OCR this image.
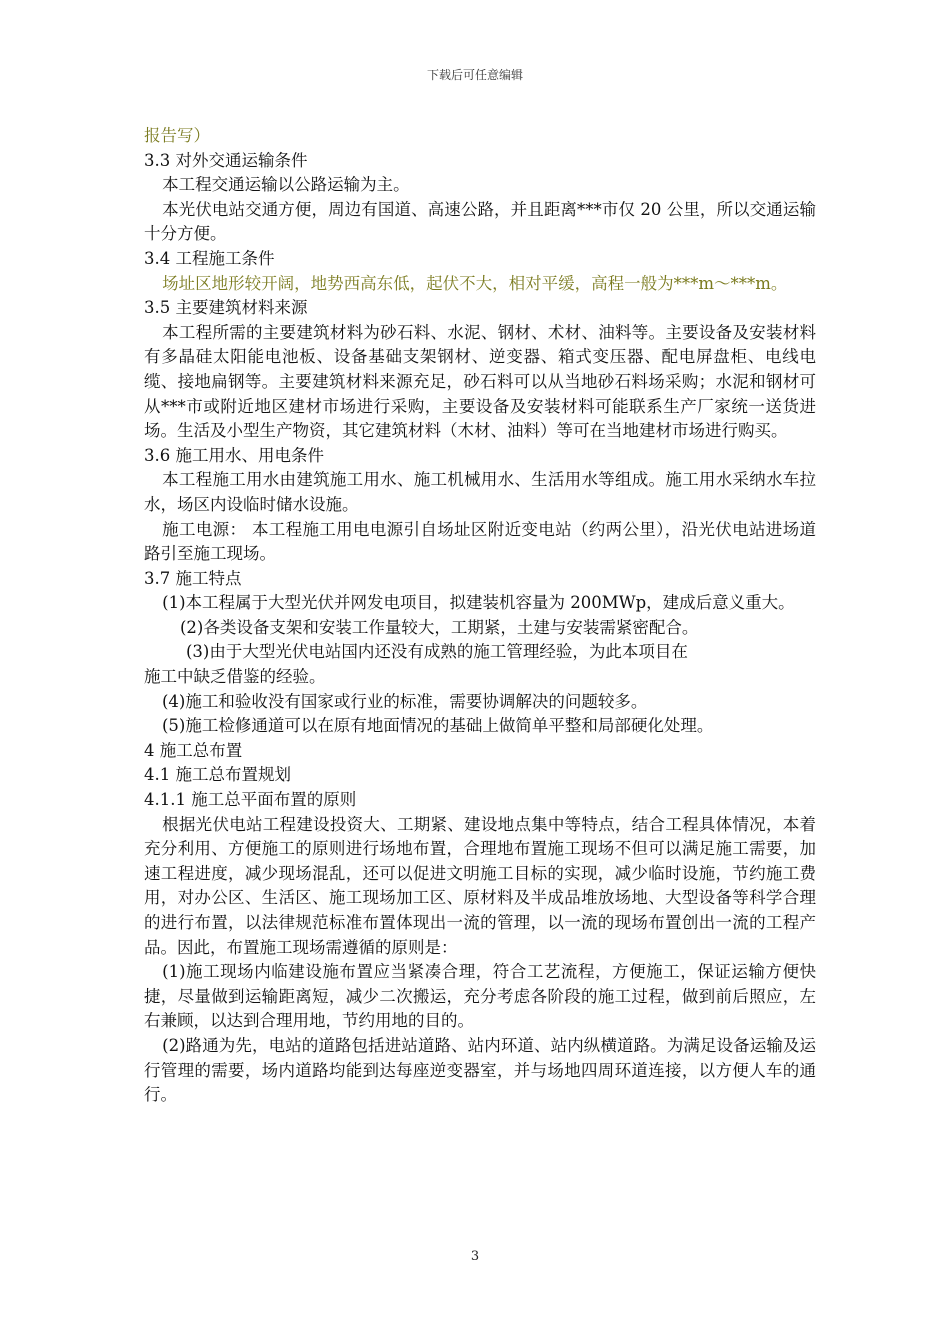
下载后可任意编辑

报告写）

3.3 对外交通运输条件

本工程交通运输以公路运输为主。

本光伏电站交通方便，周边有国道、高速公路，并且距离***市仅 20 公里，所以交通运输十分方便。

3.4 工程施工条件

场址区地形较开阔，地势西高东低，起伏不大，相对平缓，高程一般为***m～***m。

3.5 主要建筑材料来源

本工程所需的主要建筑材料为砂石料、水泥、钢材、术材、油料等。主要设备及安装材料有多晶硅太阳能电池板、设备基础支架钢材、逆变器、箱式变压器、配电屏盘柜、电线电缆、接地扁钢等。主要建筑材料来源充足，砂石料可以从当地砂石料场采购；水泥和钢材可从***市或附近地区建材市场进行采购，主要设备及安装材料可能联系生产厂家统一送货进场。生活及小型生产物资，其它建筑材料（木材、油料）等可在当地建材市场进行购买。

3.6 施工用水、用电条件

本工程施工用水由建筑施工用水、施工机械用水、生活用水等组成。施工用水采纳水车拉水，场区内设临时储水设施。

施工电源： 本工程施工用电电源引自场址区附近变电站（约两公里），沿光伏电站进场道路引至施工现场。

3.7 施工特点

(1)本工程属于大型光伏并网发电项目，拟建装机容量为 200MWp，建成后意义重大。

(2)各类设备支架和安装工作量较大，工期紧，土建与安装需紧密配合。

(3)由于大型光伏电站国内还没有成熟的施工管理经验，为此本项目在

施工中缺乏借鉴的经验。

(4)施工和验收没有国家或行业的标准，需要协调解决的问题较多。

(5)施工检修通道可以在原有地面情况的基础上做简单平整和局部硬化处理。

4 施工总布置

4.1 施工总布置规划

4.1.1 施工总平面布置的原则

根据光伏电站工程建设投资大、工期紧、建设地点集中等特点，结合工程具体情况，本着充分利用、方便施工的原则进行场地布置，合理地布置施工现场不但可以满足施工需要，加速工程进度，减少现场混乱，还可以促进文明施工目标的实现，减少临时设施，节约施工费用，对办公区、生活区、施工现场加工区、原材料及半成品堆放场地、大型设备等科学合理的进行布置，以法律规范标准布置体现出一流的管理，以一流的现场布置创出一流的工程产品。因此，布置施工现场需遵循的原则是：

(1)施工现场内临建设施布置应当紧凑合理，符合工艺流程，方便施工，保证运输方便快捷，尽量做到运输距离短，减少二次搬运，充分考虑各阶段的施工过程，做到前后照应，左右兼顾，以达到合理用地，节约用地的目的。

(2)路通为先，电站的道路包括进站道路、站内环道、站内纵横道路。为满足设备运输及运行管理的需要，场内道路均能到达每座逆变器室，并与场地四周环道连接，以方便人车的通行。

3
